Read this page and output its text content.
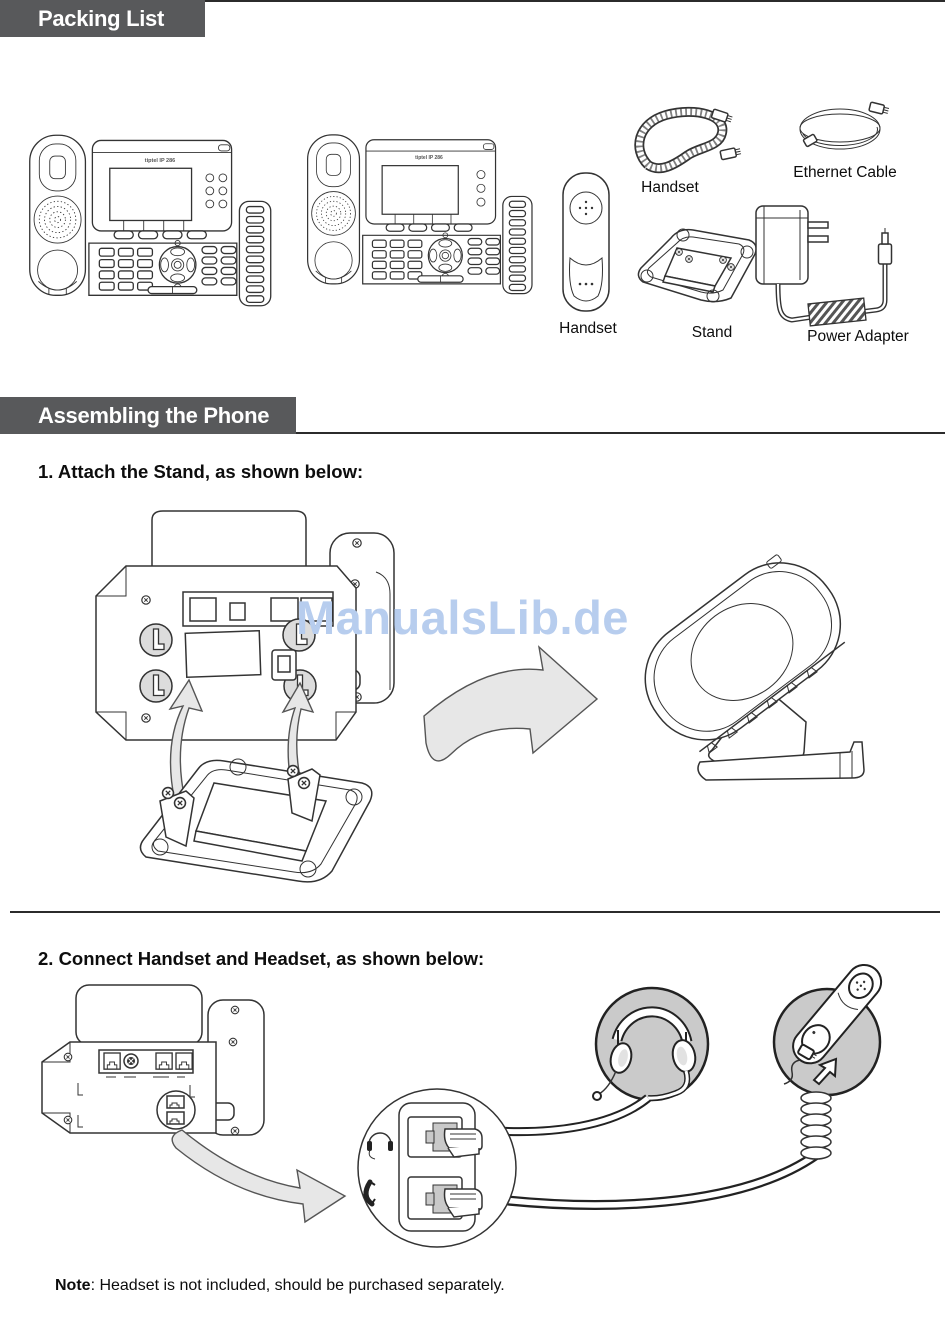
Packing List
tiptel IP 286	tiptel IP 286
Handset
Ethernet Cable
Handset	Stand	Power Adapter
Assembling the Phone
1. Attach the Stand, as shown below:
ManualsLib.de
2. Connect Handset and Headset, as shown below:
Note: Headset is not included, should be purchased separately.
